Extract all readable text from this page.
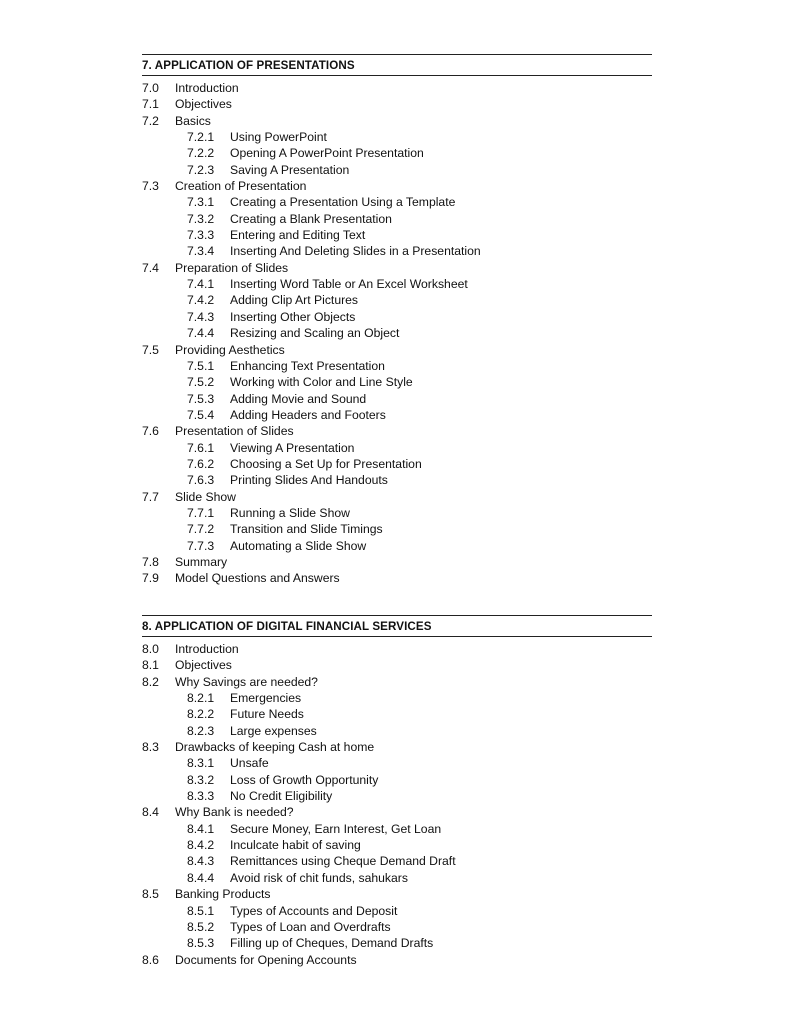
7. APPLICATION OF PRESENTATIONS
7.0 Introduction
7.1 Objectives
7.2 Basics
7.2.1 Using PowerPoint
7.2.2 Opening A PowerPoint Presentation
7.2.3 Saving A Presentation
7.3 Creation of Presentation
7.3.1 Creating a Presentation Using a Template
7.3.2 Creating a Blank Presentation
7.3.3 Entering and Editing Text
7.3.4 Inserting And Deleting Slides in a Presentation
7.4 Preparation of Slides
7.4.1 Inserting Word Table or An Excel Worksheet
7.4.2 Adding Clip Art Pictures
7.4.3 Inserting Other Objects
7.4.4 Resizing and Scaling an Object
7.5 Providing Aesthetics
7.5.1 Enhancing Text Presentation
7.5.2 Working with Color and Line Style
7.5.3 Adding Movie and Sound
7.5.4 Adding Headers and Footers
7.6 Presentation of Slides
7.6.1 Viewing A Presentation
7.6.2 Choosing a Set Up for Presentation
7.6.3 Printing Slides And Handouts
7.7 Slide Show
7.7.1 Running a Slide Show
7.7.2 Transition and Slide Timings
7.7.3 Automating a Slide Show
7.8 Summary
7.9 Model Questions and Answers
8. APPLICATION OF DIGITAL FINANCIAL SERVICES
8.0 Introduction
8.1 Objectives
8.2 Why Savings are needed?
8.2.1 Emergencies
8.2.2 Future Needs
8.2.3 Large expenses
8.3 Drawbacks of keeping Cash at home
8.3.1 Unsafe
8.3.2 Loss of Growth Opportunity
8.3.3 No Credit Eligibility
8.4 Why Bank is needed?
8.4.1 Secure Money, Earn Interest, Get Loan
8.4.2 Inculcate habit of saving
8.4.3 Remittances using Cheque Demand Draft
8.4.4 Avoid risk of chit funds, sahukars
8.5 Banking Products
8.5.1 Types of Accounts and Deposit
8.5.2 Types of Loan and Overdrafts
8.5.3 Filling up of Cheques, Demand Drafts
8.6 Documents for Opening Accounts
